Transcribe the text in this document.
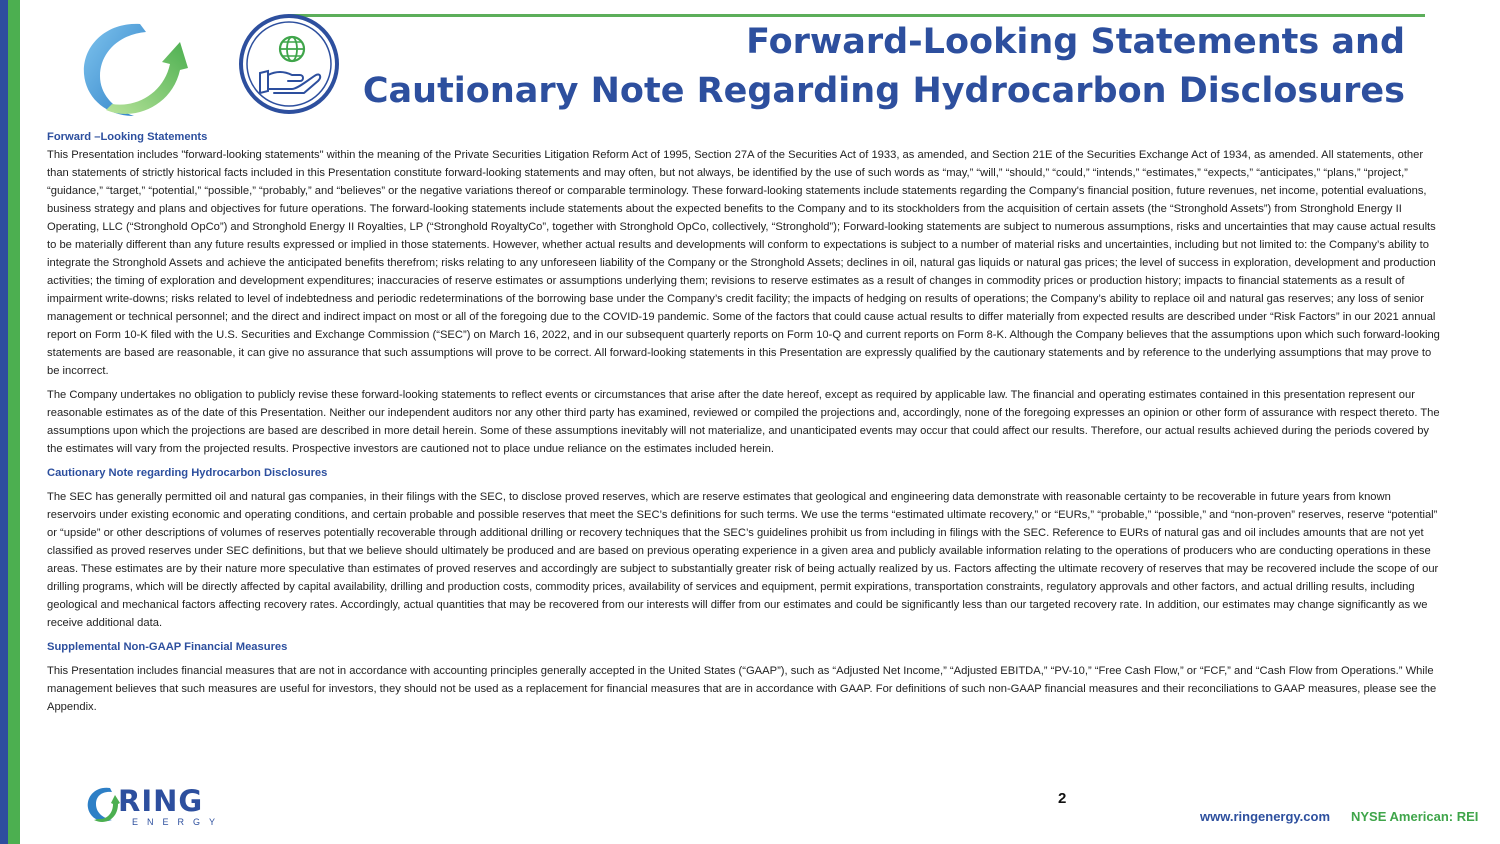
Forward-Looking Statements and
Cautionary Note Regarding Hydrocarbon Disclosures

Forward –Looking Statements

This Presentation includes "forward-looking statements" within the meaning of the Private Securities Litigation Reform Act of 1995, Section 27A of the Securities Act of 1933, as amended, and Section 21E of the Securities Exchange Act of 1934, as amended. All statements, other than statements of strictly historical facts included in this Presentation constitute forward-looking statements and may often, but not always, be identified by the use of such words as “may,” “will,” “should,” “could,” “intends,” “estimates,” “expects,” “anticipates,” “plans,” “project,” “guidance,” “target,” “potential,” “possible,” “probably,” and “believes” or the negative variations thereof or comparable terminology. These forward-looking statements include statements regarding the Company's financial position, future revenues, net income, potential evaluations, business strategy and plans and objectives for future operations. The forward-looking statements include statements about the expected benefits to the Company and to its stockholders from the acquisition of certain assets (the “Stronghold Assets”) from Stronghold Energy II Operating, LLC (“Stronghold OpCo”) and Stronghold Energy II Royalties, LP (“Stronghold RoyaltyCo”, together with Stronghold OpCo, collectively, “Stronghold”); Forward-looking statements are subject to numerous assumptions, risks and uncertainties that may cause actual results to be materially different than any future results expressed or implied in those statements. However, whether actual results and developments will conform to expectations is subject to a number of material risks and uncertainties, including but not limited to: the Company’s ability to integrate the Stronghold Assets and achieve the anticipated benefits therefrom; risks relating to any unforeseen liability of the Company or the Stronghold Assets; declines in oil, natural gas liquids or natural gas prices; the level of success in exploration, development and production activities; the timing of exploration and development expenditures; inaccuracies of reserve estimates or assumptions underlying them; revisions to reserve estimates as a result of changes in commodity prices or production history; impacts to financial statements as a result of impairment write-downs; risks related to level of indebtedness and periodic redeterminations of the borrowing base under the Company’s credit facility; the impacts of hedging on results of operations; the Company’s ability to replace oil and natural gas reserves; any loss of senior management or technical personnel; and the direct and indirect impact on most or all of the foregoing due to the COVID-19 pandemic. Some of the factors that could cause actual results to differ materially from expected results are described under “Risk Factors” in our 2021 annual report on Form 10-K filed with the U.S. Securities and Exchange Commission (“SEC”) on March 16, 2022, and in our subsequent quarterly reports on Form 10-Q and current reports on Form 8-K. Although the Company believes that the assumptions upon which such forward-looking statements are based are reasonable, it can give no assurance that such assumptions will prove to be correct. All forward-looking statements in this Presentation are expressly qualified by the cautionary statements and by reference to the underlying assumptions that may prove to be incorrect.

The Company undertakes no obligation to publicly revise these forward-looking statements to reflect events or circumstances that arise after the date hereof, except as required by applicable law. The financial and operating estimates contained in this presentation represent our reasonable estimates as of the date of this Presentation. Neither our independent auditors nor any other third party has examined, reviewed or compiled the projections and, accordingly, none of the foregoing expresses an opinion or other form of assurance with respect thereto. The assumptions upon which the projections are based are described in more detail herein. Some of these assumptions inevitably will not materialize, and unanticipated events may occur that could affect our results. Therefore, our actual results achieved during the periods covered by the estimates will vary from the projected results. Prospective investors are cautioned not to place undue reliance on the estimates included herein.

Cautionary Note regarding Hydrocarbon Disclosures

The SEC has generally permitted oil and natural gas companies, in their filings with the SEC, to disclose proved reserves, which are reserve estimates that geological and engineering data demonstrate with reasonable certainty to be recoverable in future years from known reservoirs under existing economic and operating conditions, and certain probable and possible reserves that meet the SEC’s definitions for such terms. We use the terms “estimated ultimate recovery,” or “EURs,” “probable,” “possible,” and “non-proven” reserves, reserve “potential” or “upside” or other descriptions of volumes of reserves potentially recoverable through additional drilling or recovery techniques that the SEC’s guidelines prohibit us from including in filings with the SEC. Reference to EURs of natural gas and oil includes amounts that are not yet classified as proved reserves under SEC definitions, but that we believe should ultimately be produced and are based on previous operating experience in a given area and publicly available information relating to the operations of producers who are conducting operations in these areas. These estimates are by their nature more speculative than estimates of proved reserves and accordingly are subject to substantially greater risk of being actually realized by us. Factors affecting the ultimate recovery of reserves that may be recovered include the scope of our drilling programs, which will be directly affected by capital availability, drilling and production costs, commodity prices, availability of services and equipment, permit expirations, transportation constraints, regulatory approvals and other factors, and actual drilling results, including geological and mechanical factors affecting recovery rates. Accordingly, actual quantities that may be recovered from our interests will differ from our estimates and could be significantly less than our targeted recovery rate. In addition, our estimates may change significantly as we receive additional data.

Supplemental Non-GAAP Financial Measures

This Presentation includes financial measures that are not in accordance with accounting principles generally accepted in the United States (“GAAP”), such as “Adjusted Net Income,” “Adjusted EBITDA,” “PV-10,” “Free Cash Flow,” or “FCF,” and “Cash Flow from Operations.” While management believes that such measures are useful for investors, they should not be used as a replacement for financial measures that are in accordance with GAAP. For definitions of such non-GAAP financial measures and their reconciliations to GAAP measures, please see the Appendix.

2
RING
ENERGY	www.ringenergy.com NYSE American: REI
